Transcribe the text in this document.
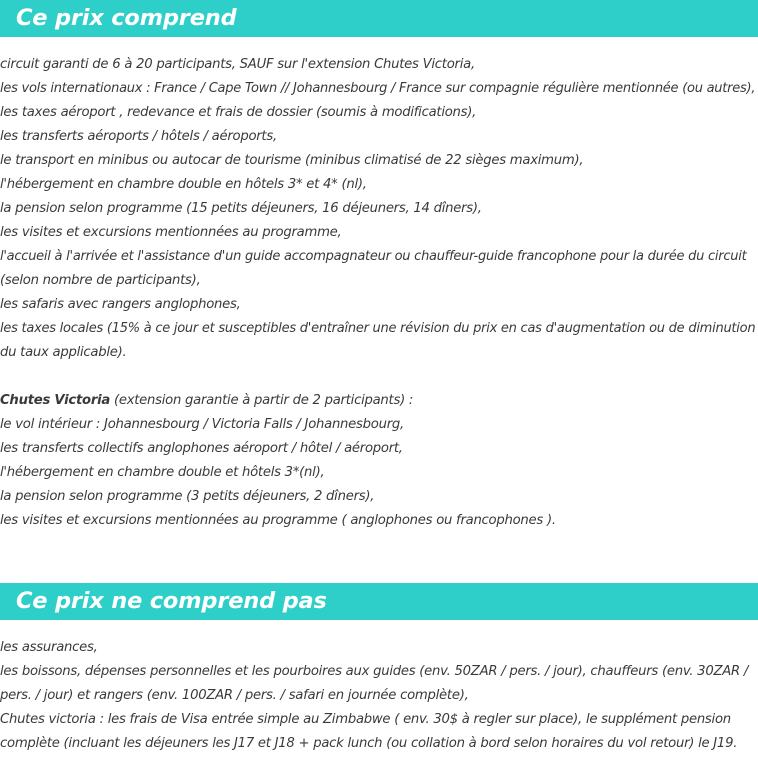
Ce prix comprend
circuit garanti de 6 à 20 participants, SAUF sur l'extension Chutes Victoria,
les vols internationaux : France / Cape Town // Johannesbourg / France sur compagnie régulière mentionnée (ou autres),
les taxes aéroport , redevance et frais de dossier (soumis à modifications),
les transferts aéroports / hôtels / aéroports,
le transport en minibus ou autocar de tourisme (minibus climatisé de 22 sièges maximum),
l'hébergement en chambre double en hôtels 3* et 4* (nl),
la pension selon programme (15 petits déjeuners, 16 déjeuners, 14 dîners),
les visites et excursions mentionnées au programme,
l'accueil à l'arrivée et l'assistance d'un guide accompagnateur ou chauffeur-guide francophone pour la durée du circuit
(selon nombre de participants),
les safaris avec rangers anglophones,
les taxes locales (15% à ce jour et susceptibles d'entraîner une révision du prix en cas d'augmentation ou de diminution
du taux applicable).
Chutes Victoria (extension garantie à partir de 2 participants) :
le vol intérieur : Johannesbourg / Victoria Falls / Johannesbourg,
les transferts collectifs anglophones aéroport / hôtel / aéroport,
l'hébergement en chambre double et hôtels 3*(nl),
la pension selon programme (3 petits déjeuners, 2 dîners),
les visites et excursions mentionnées au programme ( anglophones ou francophones ).
Ce prix ne comprend pas
les assurances,
les boissons, dépenses personnelles et les pourboires aux guides (env. 50ZAR / pers. / jour), chauffeurs (env. 30ZAR /
pers. / jour) et rangers (env. 100ZAR / pers. / safari en journée complète),
Chutes victoria : les frais de Visa entrée simple au Zimbabwe ( env. 30$ à regler sur place), le supplément pension
complète (incluant les déjeuners les J17 et J18 + pack lunch (ou collation à bord selon horaires du vol retour) le J19.
